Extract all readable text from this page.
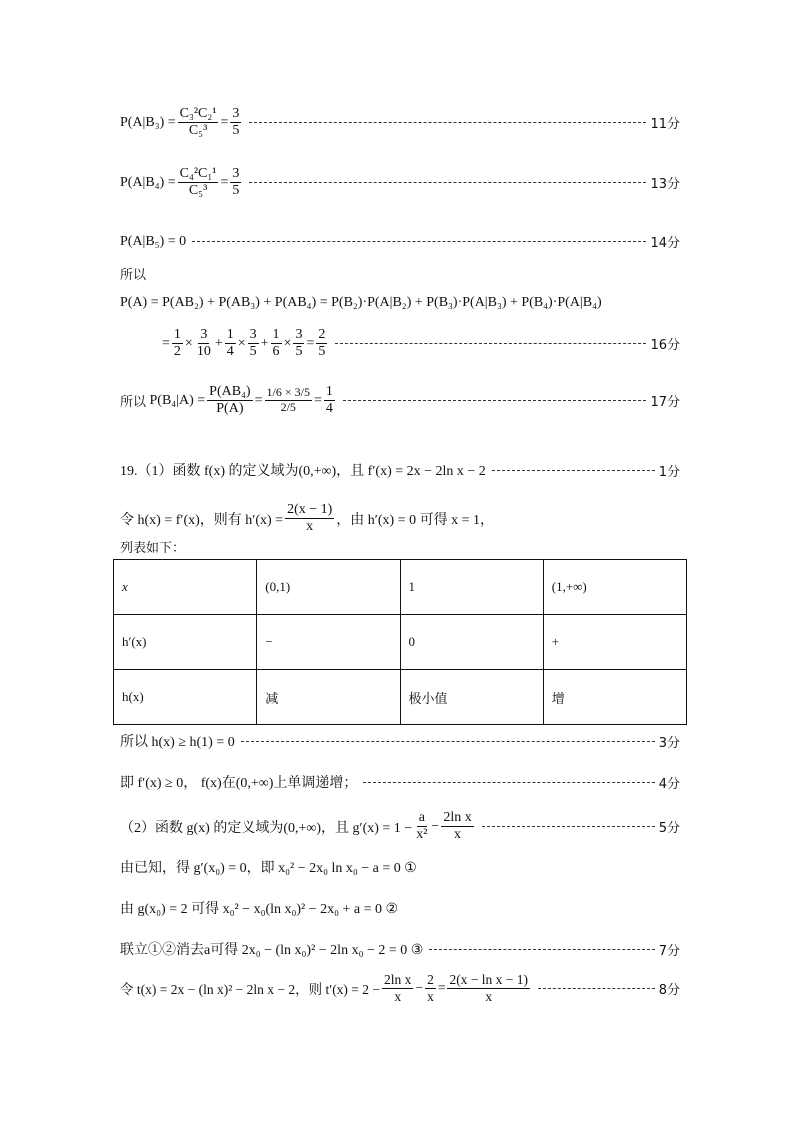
$P(A|B_3) = \frac{\text{C₃²C₂¹}}{\text{C₅³}} = \frac{3}{5}$	11分
$P(A|B_4) = \frac{\text{C₄²C₁¹}}{\text{C₅³}} = \frac{3}{5}$	13分
P(A|B₅) = 0	14分
所以
P(A) = P(AB₂) + P(AB₃) + P(AB₄) = P(B₂)·P(A|B₂) + P(B₃)·P(A|B₃) + P(B₄)·P(A|B₄)
= $\frac{1}{2} \times \frac{3}{10} + \frac{1}{4} \times \frac{3}{5} + \frac{1}{6} \times \frac{3}{5} = \frac{2}{5}$	16分
所以
$P(B_4|A) = \frac{\text{P(AB₄)}}{P(A)} = \frac{1/6 \times 3/5}{2/5} = \frac{1}{4}$	17分
19.（1）函数 f(x) 的定义域为(0,+∞)，且 f′(x) = 2x − 2ln x − 2	1分
令 h(x) = f′(x)，则有 $h'(x) = \frac{2(x - 1)}{x}$ ，由 h′(x) = 0 可得 x = 1，
列表如下：
x	(0,1)	1	(1,+∞)
h′(x)	−	0	+
h(x)	减	极小值	增
所以 h(x) ≥ h(1) = 0	3分
即 f′(x) ≥ 0， f(x)在(0,+∞)上单调递增；	4分
（2）函数 g(x) 的定义域为(0,+∞)，且 $g'(x) = 1 - \frac{a}{\text{x²}} - \frac{\text{2ln x}}{x}$	5分
由已知，得 g′(x₀) = 0，即 x₀² − 2x₀ ln x₀ − a = 0 ①
由 g(x₀) = 2 可得 x₀² − x₀(ln x₀)² − 2x₀ + a = 0 ②
联立①②消去a可得 2x₀ − (ln x₀)² − 2ln x₀ − 2 = 0 ③	7分
令 t(x) = 2x − (ln x)² − 2ln x − 2，则 $t'(x) = 2 - \frac{\text{2ln x}}{x} - \frac{2}{x} = \frac{\text{2(x − ln x − 1)}}{x}$	8分
